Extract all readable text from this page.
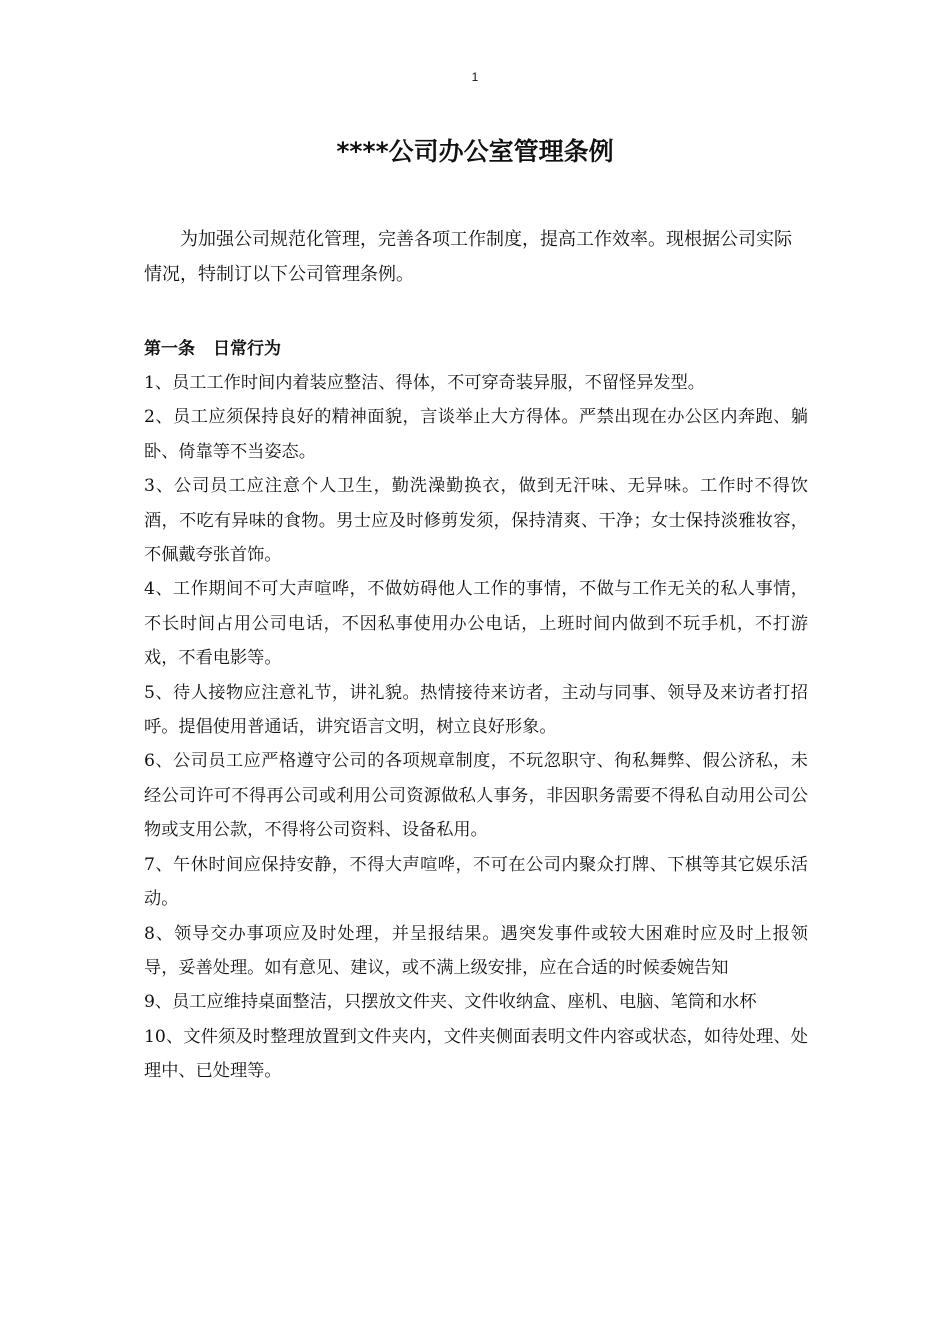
1
****公司办公室管理条例

为加强公司规范化管理，完善各项工作制度，提高工作效率。现根据公司实际情况，特制订以下公司管理条例。

第一条 日常行为
1、员工工作时间内着装应整洁、得体，不可穿奇装异服，不留怪异发型。
2、员工应须保持良好的精神面貌，言谈举止大方得体。严禁出现在办公区内奔跑、躺卧、倚靠等不当姿态。
3、公司员工应注意个人卫生，勤洗澡勤换衣，做到无汗味、无异味。工作时不得饮酒，不吃有异味的食物。男士应及时修剪发须，保持清爽、干净；女士保持淡雅妆容，不佩戴夸张首饰。
4、工作期间不可大声喧哗，不做妨碍他人工作的事情，不做与工作无关的私人事情，不长时间占用公司电话，不因私事使用办公电话，上班时间内做到不玩手机，不打游戏，不看电影等。
5、待人接物应注意礼节，讲礼貌。热情接待来访者，主动与同事、领导及来访者打招呼。提倡使用普通话，讲究语言文明，树立良好形象。
6、公司员工应严格遵守公司的各项规章制度，不玩忽职守、徇私舞弊、假公济私，未经公司许可不得再公司或利用公司资源做私人事务，非因职务需要不得私自动用公司公物或支用公款，不得将公司资料、设备私用。
7、午休时间应保持安静，不得大声喧哗，不可在公司内聚众打牌、下棋等其它娱乐活动。
8、领导交办事项应及时处理，并呈报结果。遇突发事件或较大困难时应及时上报领导，妥善处理。如有意见、建议，或不满上级安排，应在合适的时候委婉告知
9、员工应维持桌面整洁，只摆放文件夹、文件收纳盒、座机、电脑、笔筒和水杯
10、文件须及时整理放置到文件夹内，文件夹侧面表明文件内容或状态，如待处理、处理中、已处理等。
